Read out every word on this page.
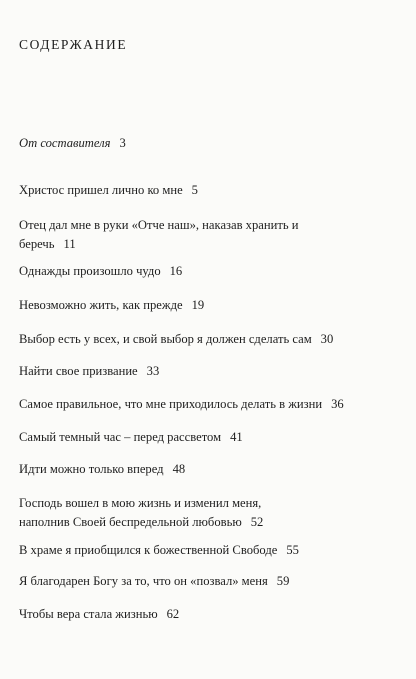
СОДЕРЖАНИЕ
От составителя 3
Христос пришел лично ко мне 5
Отец дал мне в руки «Отче наш», наказав хранить и беречь 11
Однажды произошло чудо 16
Невозможно жить, как прежде 19
Выбор есть у всех, и свой выбор я должен сделать сам 30
Найти свое призвание 33
Самое правильное, что мне приходилось делать в жизни 36
Самый темный час – перед рассветом 41
Идти можно только вперед 48
Господь вошел в мою жизнь и изменил меня, наполнив Своей беспредельной любовью 52
В храме я приобщился к божественной Свободе 55
Я благодарен Богу за то, что он «позвал» меня 59
Чтобы вера стала жизнью 62
